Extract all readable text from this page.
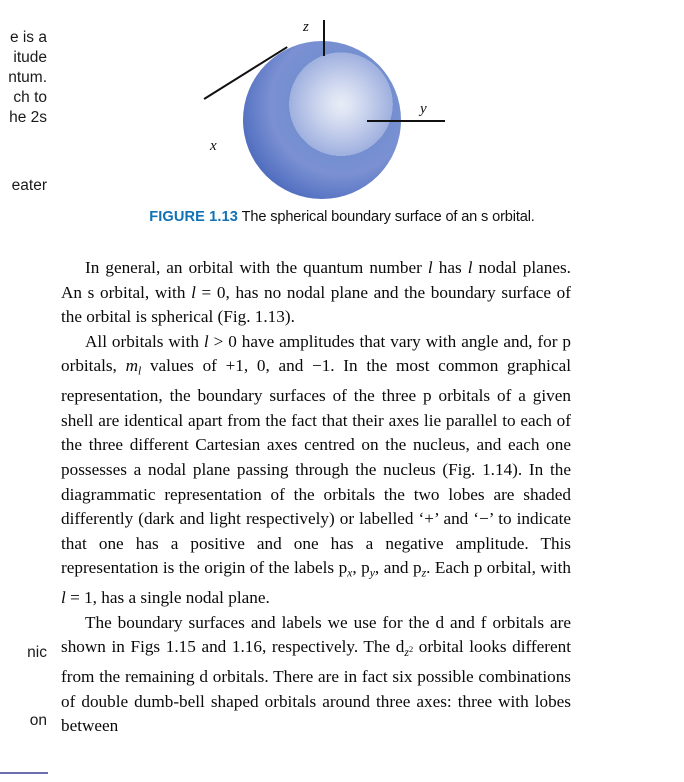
e is a
itude
ntum.
ch to
he 2s
eater
nic
on
z
y
x
FIGURE 1.13 The spherical boundary surface of an s orbital.

In general, an orbital with the quantum number l has l nodal planes. An s orbital, with l = 0, has no nodal plane and the boundary surface of the orbital is spherical (Fig. 1.13).

All orbitals with l > 0 have amplitudes that vary with angle and, for p orbitals, $m_l$ values of +1, 0, and −1. In the most common graphical representation, the boundary surfaces of the three p orbitals of a given shell are identical apart from the fact that their axes lie parallel to each of the three different Cartesian axes centred on the nucleus, and each one possesses a nodal plane passing through the nucleus (Fig. 1.14). In the diagrammatic representation of the orbitals the two lobes are shaded differently (dark and light respectively) or labelled ‘+’ and ‘−’ to indicate that one has a positive and one has a negative amplitude. This representation is the origin of the labels $p_x$, $p_y$, and $p_z$. Each p orbital, with l = 1, has a single nodal plane.

The boundary surfaces and labels we use for the d and f orbitals are shown in Figs 1.15 and 1.16, respectively. The $d_{z^2}$ orbital looks different from the remaining d orbitals. There are in fact six possible combinations of double dumb-bell shaped orbitals around three axes: three with lobes between
